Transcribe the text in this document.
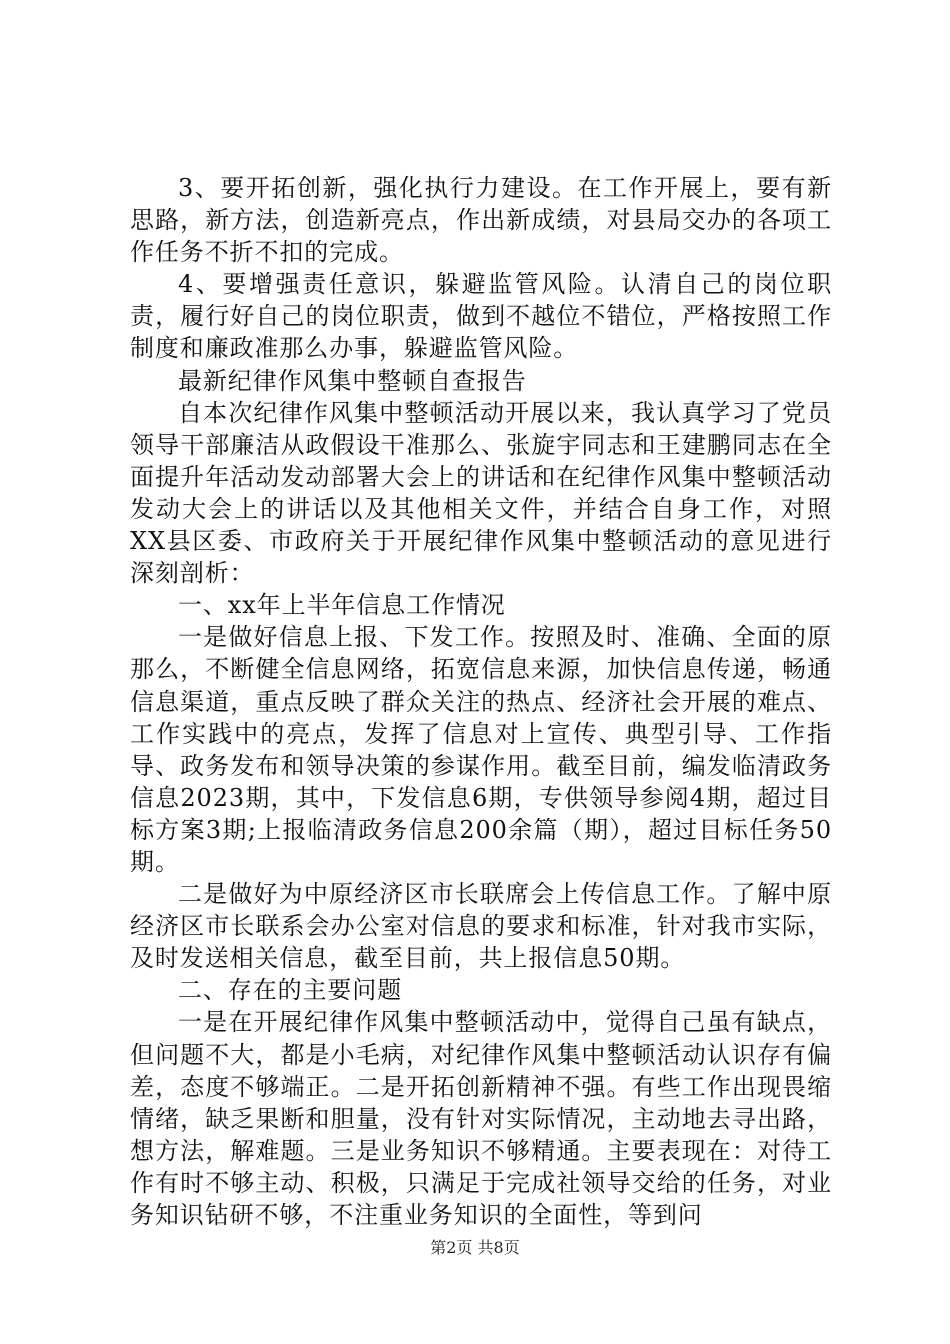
3、要开拓创新，强化执行力建设。在工作开展上，要有新思路，新方法，创造新亮点，作出新成绩，对县局交办的各项工作任务不折不扣的完成。

4、要增强责任意识，躲避监管风险。认清自己的岗位职责，履行好自己的岗位职责，做到不越位不错位，严格按照工作制度和廉政准那么办事，躲避监管风险。

最新纪律作风集中整顿自查报告

自本次纪律作风集中整顿活动开展以来，我认真学习了党员领导干部廉洁从政假设干准那么、张旋宇同志和王建鹏同志在全面提升年活动发动部署大会上的讲话和在纪律作风集中整顿活动发动大会上的讲话以及其他相关文件，并结合自身工作，对照XX县区委、市政府关于开展纪律作风集中整顿活动的意见进行深刻剖析：

一、xx年上半年信息工作情况

一是做好信息上报、下发工作。按照及时、准确、全面的原那么，不断健全信息网络，拓宽信息来源，加快信息传递，畅通信息渠道，重点反映了群众关注的热点、经济社会开展的难点、工作实践中的亮点，发挥了信息对上宣传、典型引导、工作指导、政务发布和领导决策的参谋作用。截至目前，编发临清政务信息2023期，其中，下发信息6期，专供领导参阅4期，超过目标方案3期;上报临清政务信息200余篇（期），超过目标任务50期。

二是做好为中原经济区市长联席会上传信息工作。了解中原经济区市长联系会办公室对信息的要求和标准，针对我市实际，及时发送相关信息，截至目前，共上报信息50期。

二、存在的主要问题

一是在开展纪律作风集中整顿活动中，觉得自己虽有缺点，但问题不大，都是小毛病，对纪律作风集中整顿活动认识存有偏差，态度不够端正。二是开拓创新精神不强。有些工作出现畏缩情绪，缺乏果断和胆量，没有针对实际情况，主动地去寻出路，想方法，解难题。三是业务知识不够精通。主要表现在：对待工作有时不够主动、积极，只满足于完成社领导交给的任务，对业务知识钻研不够，不注重业务知识的全面性，等到问

第2页 共8页
